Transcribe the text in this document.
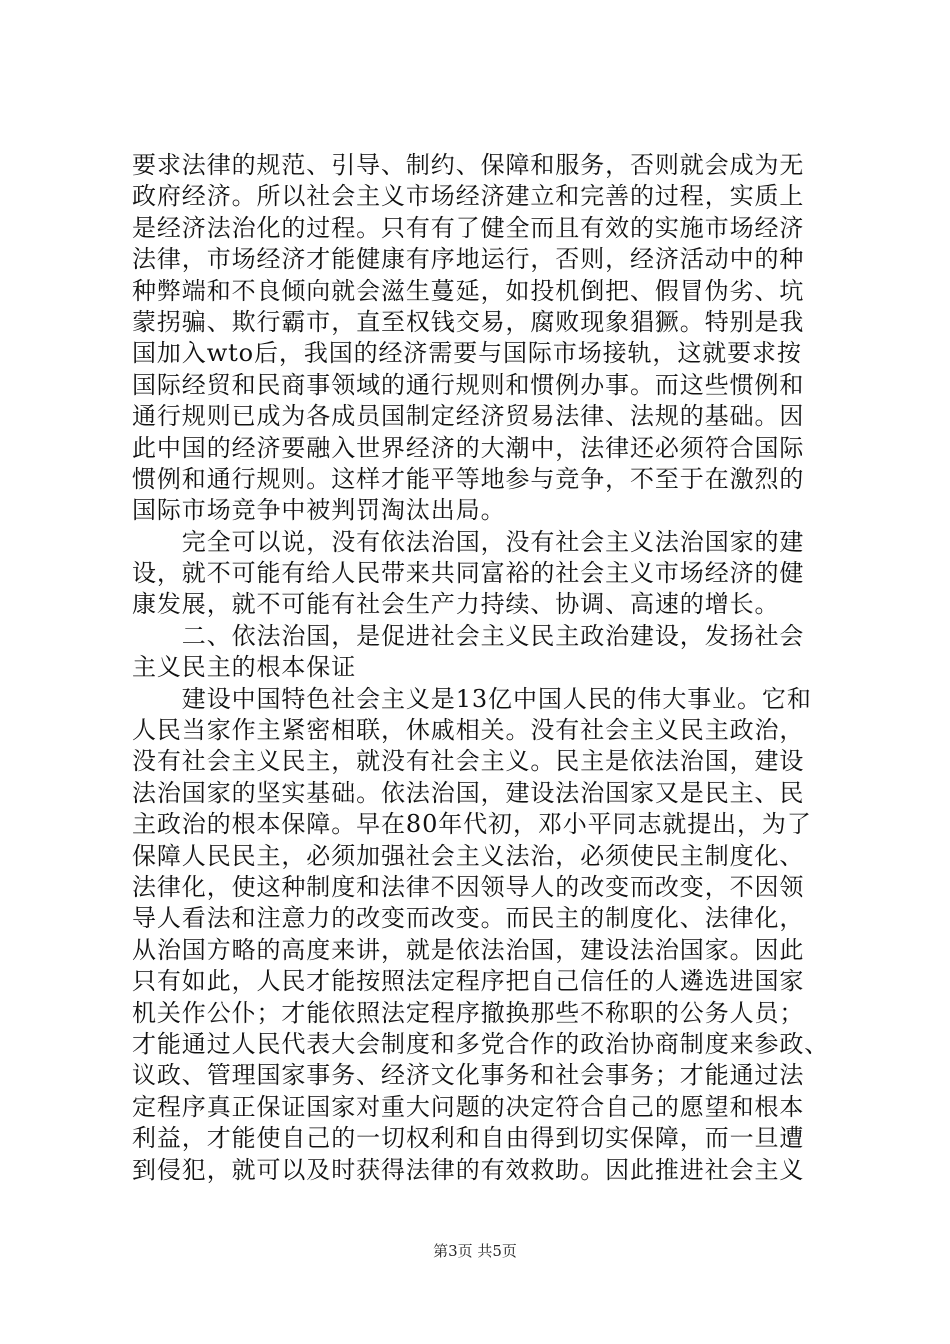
要求法律的规范、引导、制约、保障和服务，否则就会成为无
政府经济。所以社会主义市场经济建立和完善的过程，实质上
是经济法治化的过程。只有有了健全而且有效的实施市场经济
法律，市场经济才能健康有序地运行，否则，经济活动中的种
种弊端和不良倾向就会滋生蔓延，如投机倒把、假冒伪劣、坑
蒙拐骗、欺行霸市，直至权钱交易，腐败现象猖獗。特别是我
国加入wto后，我国的经济需要与国际市场接轨，这就要求按
国际经贸和民商事领域的通行规则和惯例办事。而这些惯例和
通行规则已成为各成员国制定经济贸易法律、法规的基础。因
此中国的经济要融入世界经济的大潮中，法律还必须符合国际
惯例和通行规则。这样才能平等地参与竞争，不至于在激烈的
国际市场竞争中被判罚淘汰出局。
　　完全可以说，没有依法治国，没有社会主义法治国家的建
设，就不可能有给人民带来共同富裕的社会主义市场经济的健
康发展，就不可能有社会生产力持续、协调、高速的增长。
　　二、依法治国，是促进社会主义民主政治建设，发扬社会
主义民主的根本保证
　　建设中国特色社会主义是13亿中国人民的伟大事业。它和
人民当家作主紧密相联，休戚相关。没有社会主义民主政治，
没有社会主义民主，就没有社会主义。民主是依法治国，建设
法治国家的坚实基础。依法治国，建设法治国家又是民主、民
主政治的根本保障。早在80年代初，邓小平同志就提出，为了
保障人民民主，必须加强社会主义法治，必须使民主制度化、
法律化，使这种制度和法律不因领导人的改变而改变，不因领
导人看法和注意力的改变而改变。而民主的制度化、法律化，
从治国方略的高度来讲，就是依法治国，建设法治国家。因此
只有如此，人民才能按照法定程序把自己信任的人遴选进国家
机关作公仆；才能依照法定程序撤换那些不称职的公务人员；
才能通过人民代表大会制度和多党合作的政治协商制度来参政、
议政、管理国家事务、经济文化事务和社会事务；才能通过法
定程序真正保证国家对重大问题的决定符合自己的愿望和根本
利益，才能使自己的一切权利和自由得到切实保障，而一旦遭
到侵犯，就可以及时获得法律的有效救助。因此推进社会主义
第3页 共5页
